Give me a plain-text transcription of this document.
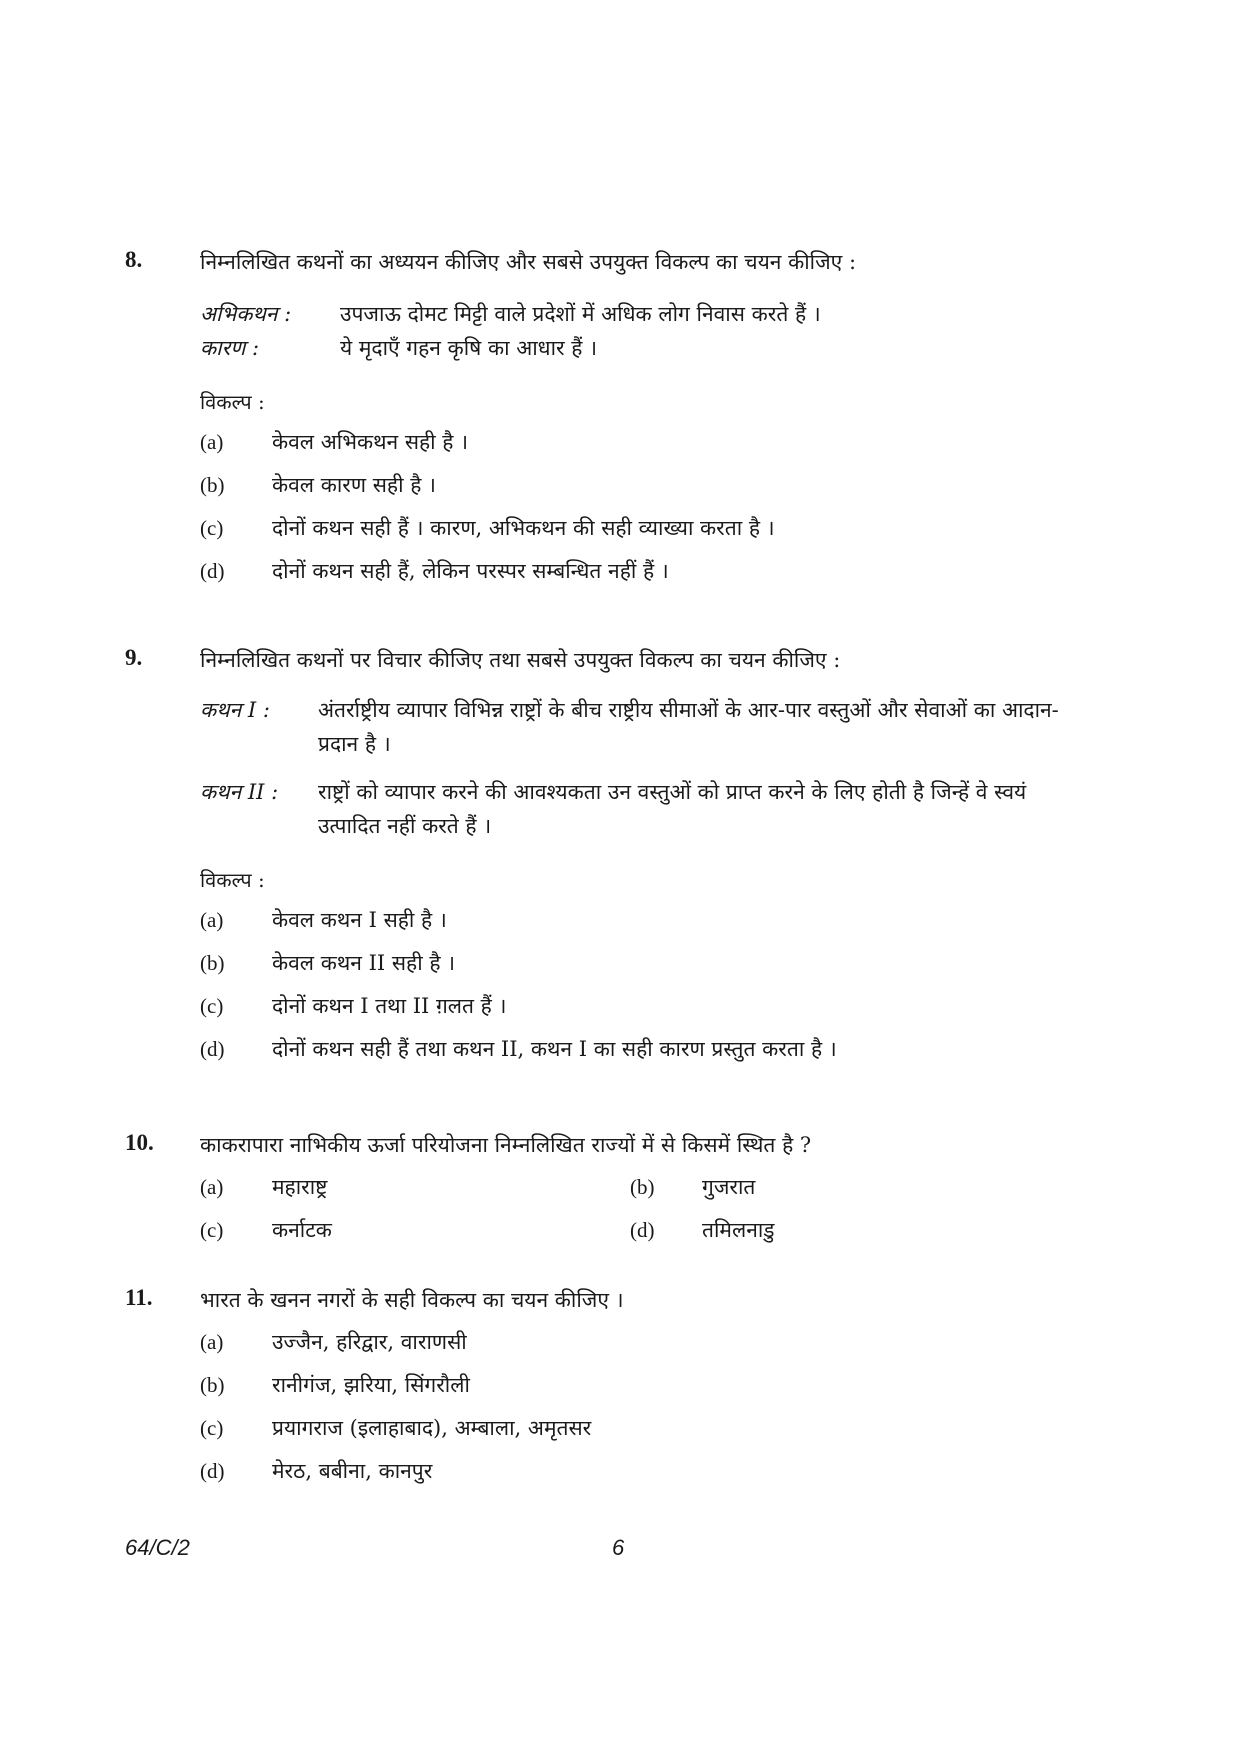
8.	निम्नलिखित कथनों का अध्ययन कीजिए और सबसे उपयुक्त विकल्प का चयन कीजिए :
अभिकथन :	उपजाऊ दोमट मिट्टी वाले प्रदेशों में अधिक लोग निवास करते हैं ।
कारण :	ये मृदाएँ गहन कृषि का आधार हैं ।
विकल्प :
(a)	केवल अभिकथन सही है ।
(b)	केवल कारण सही है ।
(c)	दोनों कथन सही हैं । कारण, अभिकथन की सही व्याख्या करता है ।
(d)	दोनों कथन सही हैं, लेकिन परस्पर सम्बन्धित नहीं हैं ।
9.	निम्नलिखित कथनों पर विचार कीजिए तथा सबसे उपयुक्त विकल्प का चयन कीजिए :
कथन I :	अंतर्राष्ट्रीय व्यापार विभिन्न राष्ट्रों के बीच राष्ट्रीय सीमाओं के आर-पार वस्तुओं और सेवाओं का आदान-प्रदान है ।
कथन II :	राष्ट्रों को व्यापार करने की आवश्यकता उन वस्तुओं को प्राप्त करने के लिए होती है जिन्हें वे स्वयं उत्पादित नहीं करते हैं ।
विकल्प :
(a)	केवल कथन I सही है ।
(b)	केवल कथन II सही है ।
(c)	दोनों कथन I तथा II ग़लत हैं ।
(d)	दोनों कथन सही हैं तथा कथन II, कथन I का सही कारण प्रस्तुत करता है ।
10. काकरापारा नाभिकीय ऊर्जा परियोजना निम्नलिखित राज्यों में से किसमें स्थित है ?
(a)	महाराष्ट्र	(b)	गुजरात
(c)	कर्नाटक	(d)	तमिलनाडु
11. भारत के खनन नगरों के सही विकल्प का चयन कीजिए ।
(a)	उज्जैन, हरिद्वार, वाराणसी
(b)	रानीगंज, झरिया, सिंगरौली
(c)	प्रयागराज (इलाहाबाद), अम्बाला, अमृतसर
(d)	मेरठ, बबीना, कानपुर
64/C/2	6
